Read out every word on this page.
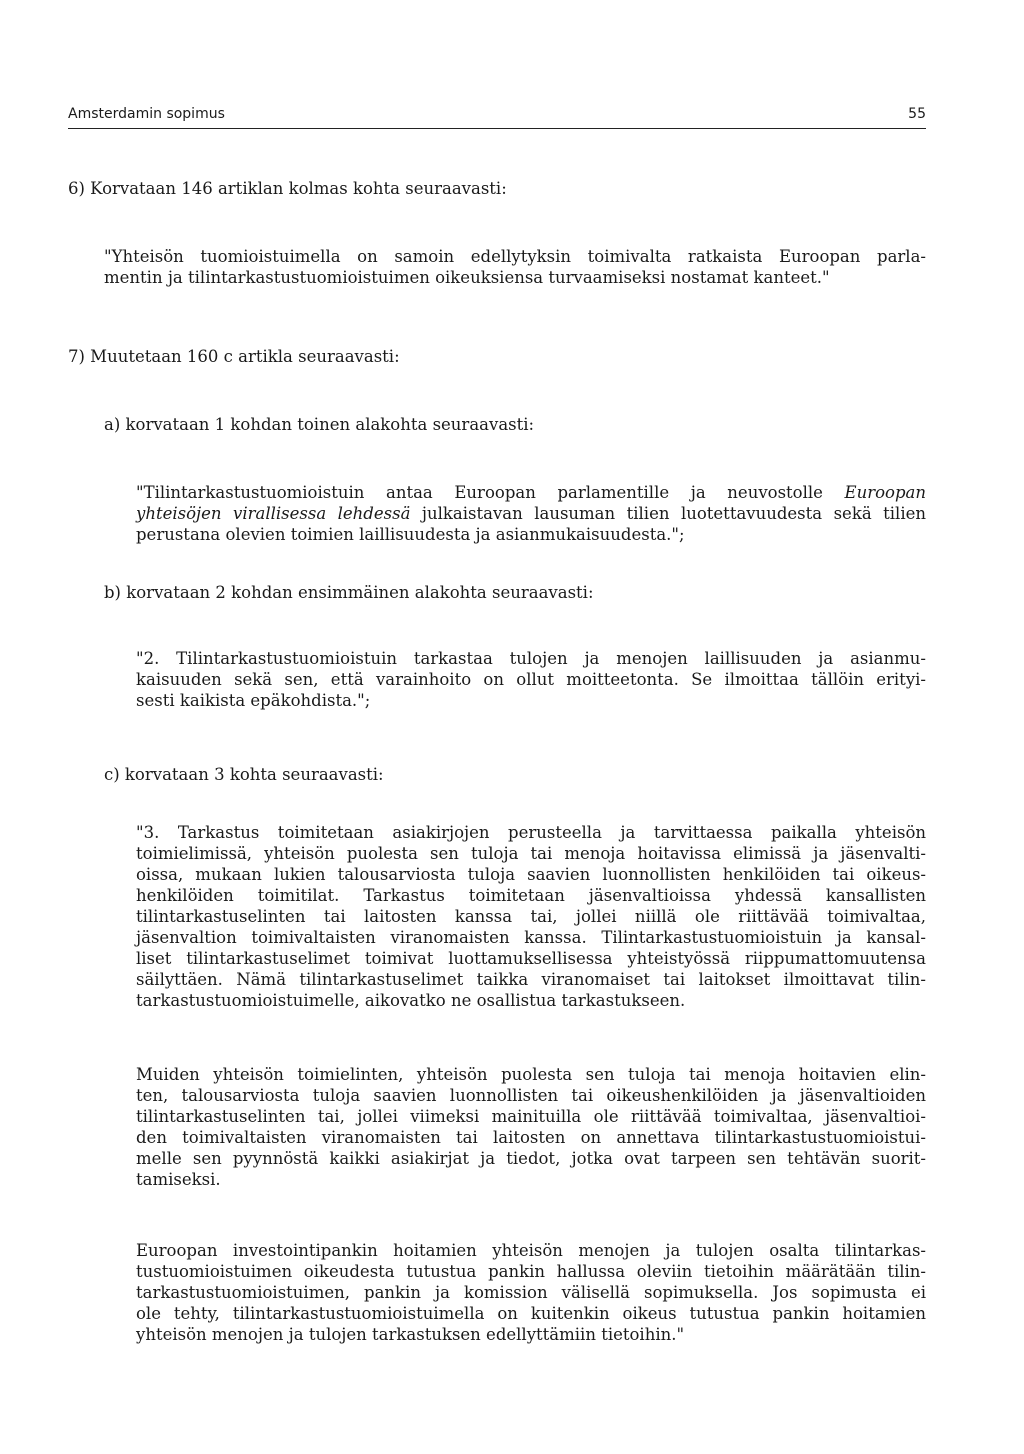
Amsterdamin sopimus	55
6) Korvataan 146 artiklan kolmas kohta seuraavasti:
"Yhteisön tuomioistuimella on samoin edellytyksin toimivalta ratkaista Euroopan parla-
mentin ja tilintarkastustuomioistuimen oikeuksiensa turvaamiseksi nostamat kanteet."
7) Muutetaan 160 c artikla seuraavasti:
a) korvataan 1 kohdan toinen alakohta seuraavasti:
"Tilintarkastustuomioistuin antaa Euroopan parlamentille ja neuvostolle Euroopan
yhteisöjen virallisessa lehdessä julkaistavan lausuman tilien luotettavuudesta sekä tilien
perustana olevien toimien laillisuudesta ja asianmukaisuudesta.";
b) korvataan 2 kohdan ensimmäinen alakohta seuraavasti:
"2. Tilintarkastustuomioistuin tarkastaa tulojen ja menojen laillisuuden ja asianmu-
kaisuuden sekä sen, että varainhoito on ollut moitteetonta. Se ilmoittaa tällöin erityi-
sesti kaikista epäkohdista.";
c) korvataan 3 kohta seuraavasti:
"3. Tarkastus toimitetaan asiakirjojen perusteella ja tarvittaessa paikalla yhteisön
toimielimissä, yhteisön puolesta sen tuloja tai menoja hoitavissa elimissä ja jäsenvalti-
oissa, mukaan lukien talousarviosta tuloja saavien luonnollisten henkilöiden tai oikeus-
henkilöiden toimitilat. Tarkastus toimitetaan jäsenvaltioissa yhdessä kansallisten
tilintarkastuselinten tai laitosten kanssa tai, jollei niillä ole riittävää toimivaltaa,
jäsenvaltion toimivaltaisten viranomaisten kanssa. Tilintarkastustuomioistuin ja kansal-
liset tilintarkastuselimet toimivat luottamuksellisessa yhteistyössä riippumattomuutensa
säilyttäen. Nämä tilintarkastuselimet taikka viranomaiset tai laitokset ilmoittavat tilin-
tarkastustuomioistuimelle, aikovatko ne osallistua tarkastukseen.
Muiden yhteisön toimielinten, yhteisön puolesta sen tuloja tai menoja hoitavien elin-
ten, talousarviosta tuloja saavien luonnollisten tai oikeushenkilöiden ja jäsenvaltioiden
tilintarkastuselinten tai, jollei viimeksi mainituilla ole riittävää toimivaltaa, jäsenvaltioi-
den toimivaltaisten viranomaisten tai laitosten on annettava tilintarkastustuomioistui-
melle sen pyynnöstä kaikki asiakirjat ja tiedot, jotka ovat tarpeen sen tehtävän suorit-
tamiseksi.
Euroopan investointipankin hoitamien yhteisön menojen ja tulojen osalta tilintarkas-
tustuomioistuimen oikeudesta tutustua pankin hallussa oleviin tietoihin määrätään tilin-
tarkastustuomioistuimen, pankin ja komission välisellä sopimuksella. Jos sopimusta ei
ole tehty, tilintarkastustuomioistuimella on kuitenkin oikeus tutustua pankin hoitamien
yhteisön menojen ja tulojen tarkastuksen edellyttämiin tietoihin."
